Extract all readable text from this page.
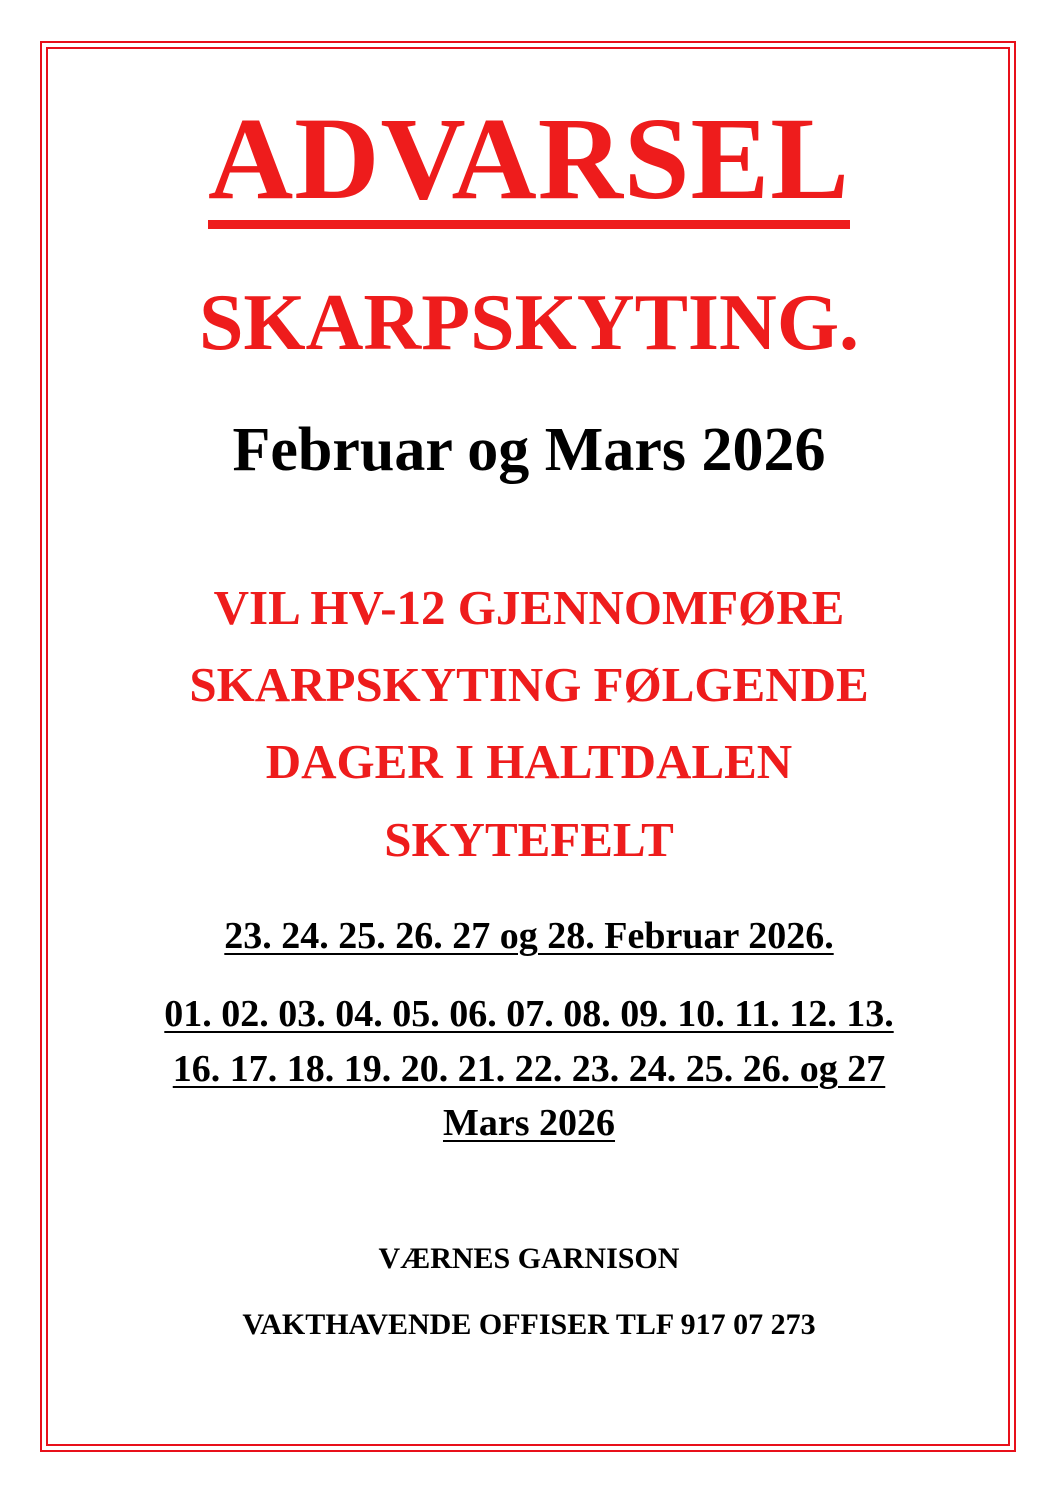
ADVARSEL
SKARPSKYTING.
Februar og Mars 2026
VIL HV-12 GJENNOMFØRE
SKARPSKYTING FØLGENDE
DAGER I HALTDALEN
SKYTEFELT
23. 24. 25. 26. 27 og 28. Februar 2026.
01. 02. 03. 04. 05. 06. 07. 08. 09. 10. 11. 12. 13.
16. 17. 18. 19. 20. 21. 22. 23. 24. 25. 26. og 27
Mars 2026
VÆRNES GARNISON
VAKTHAVENDE OFFISER TLF 917 07 273
